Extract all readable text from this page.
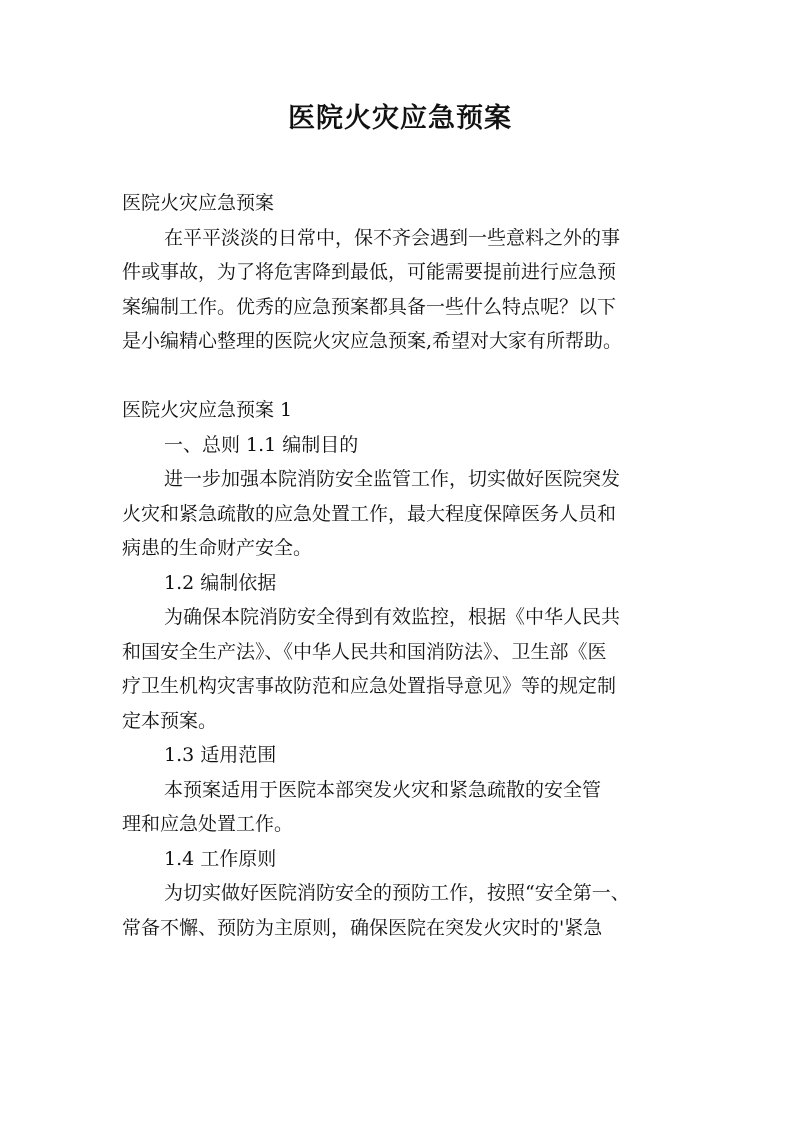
医院火灾应急预案

医院火灾应急预案

在平平淡淡的日常中，保不齐会遇到一些意料之外的事

件或事故，为了将危害降到最低，可能需要提前进行应急预

案编制工作。优秀的应急预案都具备一些什么特点呢？以下

是小编精心整理的医院火灾应急预案,希望对大家有所帮助。

医院火灾应急预案 1

一、总则 1.1 编制目的

进一步加强本院消防安全监管工作，切实做好医院突发

火灾和紧急疏散的应急处置工作，最大程度保障医务人员和

病患的生命财产安全。

1.2 编制依据

为确保本院消防安全得到有效监控，根据《中华人民共

和国安全生产法》、《中华人民共和国消防法》、卫生部《医

疗卫生机构灾害事故防范和应急处置指导意见》等的规定制

定本预案。

1.3 适用范围

本预案适用于医院本部突发火灾和紧急疏散的安全管

理和应急处置工作。

1.4 工作原则

为切实做好医院消防安全的预防工作，按照“安全第一、

常备不懈、预防为主原则，确保医院在突发火灾时的'紧急
